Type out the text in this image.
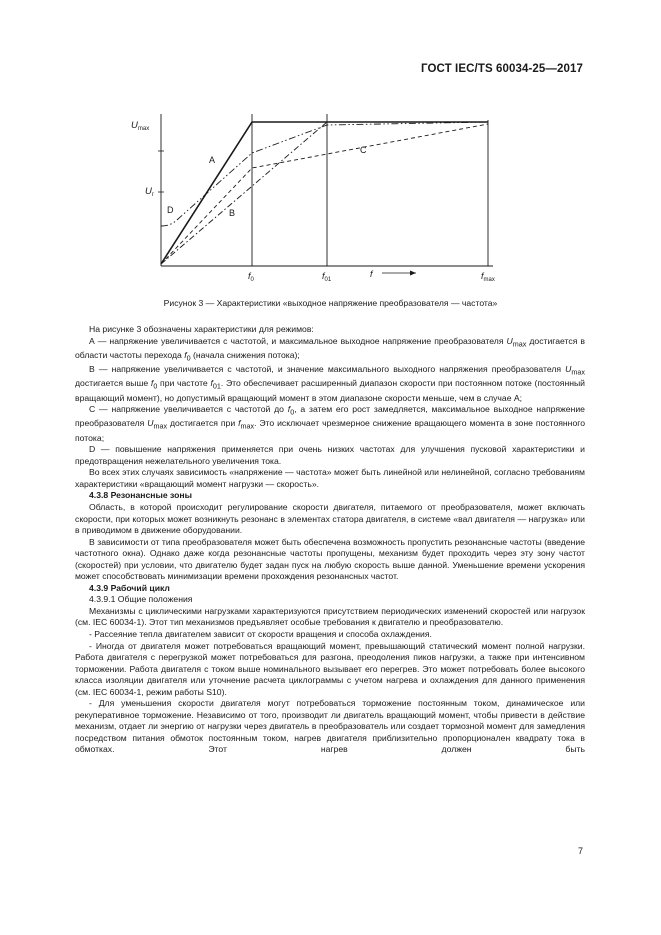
ГОСТ IEC/TS 60034-25—2017
$U_{max}$
$U_г$
A
B
C
D
$f_0$	$f_{01}$
f	$f_{max}$
Рисунок 3 — Характеристики «выходное напряжение преобразователя — частота»

На рисунке 3 обозначены характеристики для режимов:

А — напряжение увеличивается с частотой, и максимальное выходное напряжение преобразователя $U_{max}$ достигается в области частоты перехода $f_0$ (начала снижения потока);

В — напряжение увеличивается с частотой, и значение максимального выходного напряжения преобразователя $U_{max}$ достигается выше $f_0$ при частоте $f_{01}$. Это обеспечивает расширенный диапазон скорости при постоянном потоке (постоянный вращающий момент), но допустимый вращающий момент в этом диапазоне скорости меньше, чем в случае А;

С — напряжение увеличивается с частотой до $f_0$, а затем его рост замедляется, максимальное выходное напряжение преобразователя $U_{max}$ достигается при $f_{max}$. Это исключает чрезмерное снижение вращающего момента в зоне постоянного потока;

D — повышение напряжения применяется при очень низких частотах для улучшения пусковой характеристики и предотвращения нежелательного увеличения тока.

Во всех этих случаях зависимость «напряжение — частота» может быть линейной или нелинейной, согласно требованиям характеристики «вращающий момент нагрузки — скорость».

4.3.8 Резонансные зоны

Область, в которой происходит регулирование скорости двигателя, питаемого от преобразователя, может включать скорости, при которых может возникнуть резонанс в элементах статора двигателя, в системе «вал двигателя — нагрузка» или в приводимом в движение оборудовании.

В зависимости от типа преобразователя может быть обеспечена возможность пропустить резонансные частоты (введение частотного окна). Однако даже когда резонансные частоты пропущены, механизм будет проходить через эту зону частот (скоростей) при условии, что двигателю будет задан пуск на любую скорость выше данной. Уменьшение времени ускорения может способствовать минимизации времени прохождения резонансных частот.

4.3.9 Рабочий цикл

4.3.9.1 Общие положения

Механизмы с циклическими нагрузками характеризуются присутствием периодических изменений скоростей или нагрузок (см. IEC 60034-1). Этот тип механизмов предъявляет особые требования к двигателю и преобразователю.

- Рассеяние тепла двигателем зависит от скорости вращения и способа охлаждения.

- Иногда от двигателя может потребоваться вращающий момент, превышающий статический момент полной нагрузки. Работа двигателя с перегрузкой может потребоваться для разгона, преодоления пиков нагрузки, а также при интенсивном торможении. Работа двигателя с током выше номинального вызывает его перегрев. Это может потребовать более высокого класса изоляции двигателя или уточнение расчета циклограммы с учетом нагрева и охлаждения для данного применения (см. IEC 60034-1, режим работы S10).

- Для уменьшения скорости двигателя могут потребоваться торможение постоянным током, динамическое или рекуперативное торможение. Независимо от того, производит ли двигатель вращающий момент, чтобы привести в действие механизм, отдает ли энергию от нагрузки через двигатель в преобразователь или создает тормозной момент для замедления посредством питания обмоток постоянным током, нагрев двигателя приблизительно пропорционален квадрату тока в обмотках. Этот нагрев должен быть

7
